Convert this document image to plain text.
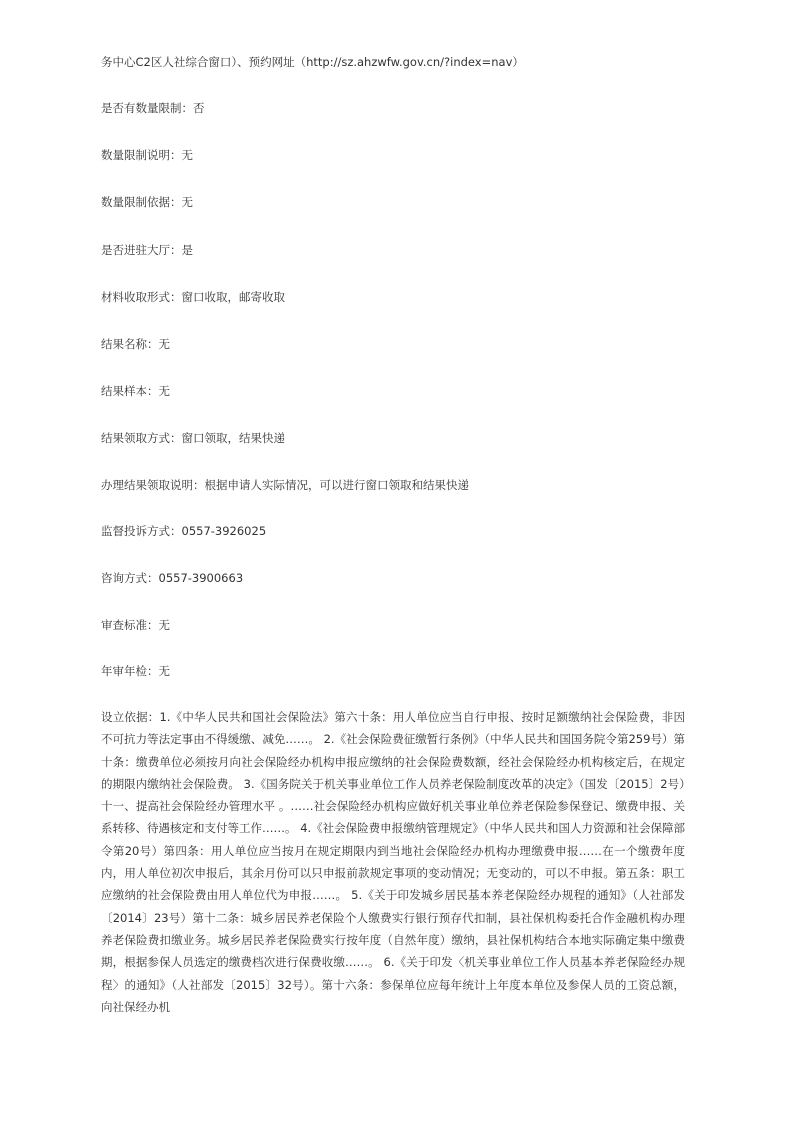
务中心C2区人社综合窗口）、预约网址（http://sz.ahzwfw.gov.cn/?index=nav）
是否有数量限制：否
数量限制说明：无
数量限制依据：无
是否进驻大厅：是
材料收取形式：窗口收取，邮寄收取
结果名称：无
结果样本：无
结果领取方式：窗口领取，结果快递
办理结果领取说明：根据申请人实际情况，可以进行窗口领取和结果快递
监督投诉方式：0557-3926025
咨询方式：0557-3900663
审查标准：无
年审年检：无
设立依据：1.《中华人民共和国社会保险法》第六十条：用人单位应当自行申报、按时足额缴纳社会保险费，非因不可抗力等法定事由不得缓缴、减免……。 2.《社会保险费征缴暂行条例》（中华人民共和国国务院令第259号）第十条：缴费单位必须按月向社会保险经办机构申报应缴纳的社会保险费数额，经社会保险经办机构核定后，在规定的期限内缴纳社会保险费。 3.《国务院关于机关事业单位工作人员养老保险制度改革的决定》（国发〔2015〕2号）十一、提高社会保险经办管理水平 。……社会保险经办机构应做好机关事业单位养老保险参保登记、缴费申报、关系转移、待遇核定和支付等工作……。 4.《社会保险费申报缴纳管理规定》（中华人民共和国人力资源和社会保障部令第20号）第四条：用人单位应当按月在规定期限内到当地社会保险经办机构办理缴费申报……在一个缴费年度内，用人单位初次申报后，其余月份可以只申报前款规定事项的变动情况；无变动的，可以不申报。第五条：职工应缴纳的社会保险费由用人单位代为申报……。 5.《关于印发城乡居民基本养老保险经办规程的通知》（人社部发〔2014〕23号）第十二条：城乡居民养老保险个人缴费实行银行预存代扣制，县社保机构委托合作金融机构办理养老保险费扣缴业务。城乡居民养老保险费实行按年度（自然年度）缴纳，县社保机构结合本地实际确定集中缴费期，根据参保人员选定的缴费档次进行保费收缴……。 6.《关于印发〈机关事业单位工作人员基本养老保险经办规程〉的通知》（人社部发〔2015〕32号）。第十六条：参保单位应每年统计上年度本单位及参保人员的工资总额，向社保经办机
